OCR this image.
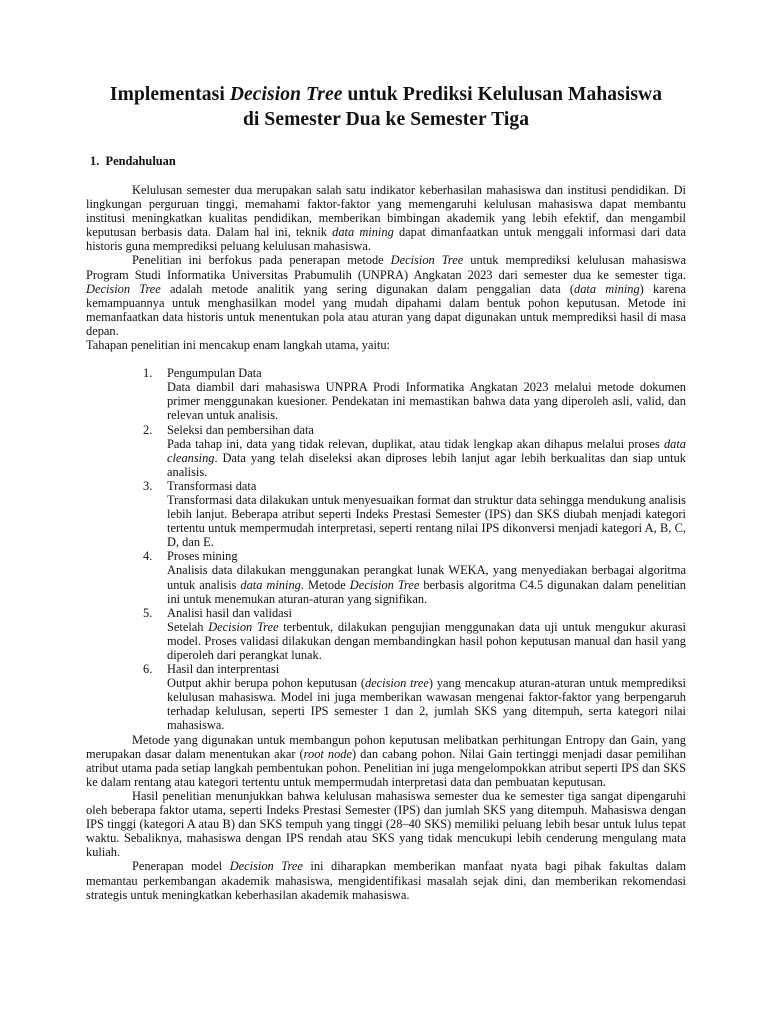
Implementasi Decision Tree untuk Prediksi Kelulusan Mahasiswa
di Semester Dua ke Semester Tiga
1. Pendahuluan

Kelulusan semester dua merupakan salah satu indikator keberhasilan mahasiswa dan institusi pendidikan. Di lingkungan perguruan tinggi, memahami faktor-faktor yang memengaruhi kelulusan mahasiswa dapat membantu institusi meningkatkan kualitas pendidikan, memberikan bimbingan akademik yang lebih efektif, dan mengambil keputusan berbasis data. Dalam hal ini, teknik data mining dapat dimanfaatkan untuk menggali informasi dari data historis guna memprediksi peluang kelulusan mahasiswa.

Penelitian ini berfokus pada penerapan metode Decision Tree untuk memprediksi kelulusan mahasiswa Program Studi Informatika Universitas Prabumulih (UNPRA) Angkatan 2023 dari semester dua ke semester tiga. Decision Tree adalah metode analitik yang sering digunakan dalam penggalian data (data mining) karena kemampuannya untuk menghasilkan model yang mudah dipahami dalam bentuk pohon keputusan. Metode ini memanfaatkan data historis untuk menentukan pola atau aturan yang dapat digunakan untuk memprediksi hasil di masa depan.

Tahapan penelitian ini mencakup enam langkah utama, yaitu:

1. Pengumpulan Data

Data diambil dari mahasiswa UNPRA Prodi Informatika Angkatan 2023 melalui metode dokumen primer menggunakan kuesioner. Pendekatan ini memastikan bahwa data yang diperoleh asli, valid, dan relevan untuk analisis.

2. Seleksi dan pembersihan data

Pada tahap ini, data yang tidak relevan, duplikat, atau tidak lengkap akan dihapus melalui proses data cleansing. Data yang telah diseleksi akan diproses lebih lanjut agar lebih berkualitas dan siap untuk analisis.

3. Transformasi data

Transformasi data dilakukan untuk menyesuaikan format dan struktur data sehingga mendukung analisis lebih lanjut. Beberapa atribut seperti Indeks Prestasi Semester (IPS) dan SKS diubah menjadi kategori tertentu untuk mempermudah interpretasi, seperti rentang nilai IPS dikonversi menjadi kategori A, B, C, D, dan E.

4. Proses mining

Analisis data dilakukan menggunakan perangkat lunak WEKA, yang menyediakan berbagai algoritma untuk analisis data mining. Metode Decision Tree berbasis algoritma C4.5 digunakan dalam penelitian ini untuk menemukan aturan-aturan yang signifikan.

5. Analisi hasil dan validasi

Setelah Decision Tree terbentuk, dilakukan pengujian menggunakan data uji untuk mengukur akurasi model. Proses validasi dilakukan dengan membandingkan hasil pohon keputusan manual dan hasil yang diperoleh dari perangkat lunak.

6. Hasil dan interprentasi

Output akhir berupa pohon keputusan (decision tree) yang mencakup aturan-aturan untuk memprediksi kelulusan mahasiswa. Model ini juga memberikan wawasan mengenai faktor-faktor yang berpengaruh terhadap kelulusan, seperti IPS semester 1 dan 2, jumlah SKS yang ditempuh, serta kategori nilai mahasiswa.

Metode yang digunakan untuk membangun pohon keputusan melibatkan perhitungan Entropy dan Gain, yang merupakan dasar dalam menentukan akar (root node) dan cabang pohon. Nilai Gain tertinggi menjadi dasar pemilihan atribut utama pada setiap langkah pembentukan pohon. Penelitian ini juga mengelompokkan atribut seperti IPS dan SKS ke dalam rentang atau kategori tertentu untuk mempermudah interpretasi data dan pembuatan keputusan.

Hasil penelitian menunjukkan bahwa kelulusan mahasiswa semester dua ke semester tiga sangat dipengaruhi oleh beberapa faktor utama, seperti Indeks Prestasi Semester (IPS) dan jumlah SKS yang ditempuh. Mahasiswa dengan IPS tinggi (kategori A atau B) dan SKS tempuh yang tinggi (28–40 SKS) memiliki peluang lebih besar untuk lulus tepat waktu. Sebaliknya, mahasiswa dengan IPS rendah atau SKS yang tidak mencukupi lebih cenderung mengulang mata kuliah.

Penerapan model Decision Tree ini diharapkan memberikan manfaat nyata bagi pihak fakultas dalam memantau perkembangan akademik mahasiswa, mengidentifikasi masalah sejak dini, dan memberikan rekomendasi strategis untuk meningkatkan keberhasilan akademik mahasiswa.
